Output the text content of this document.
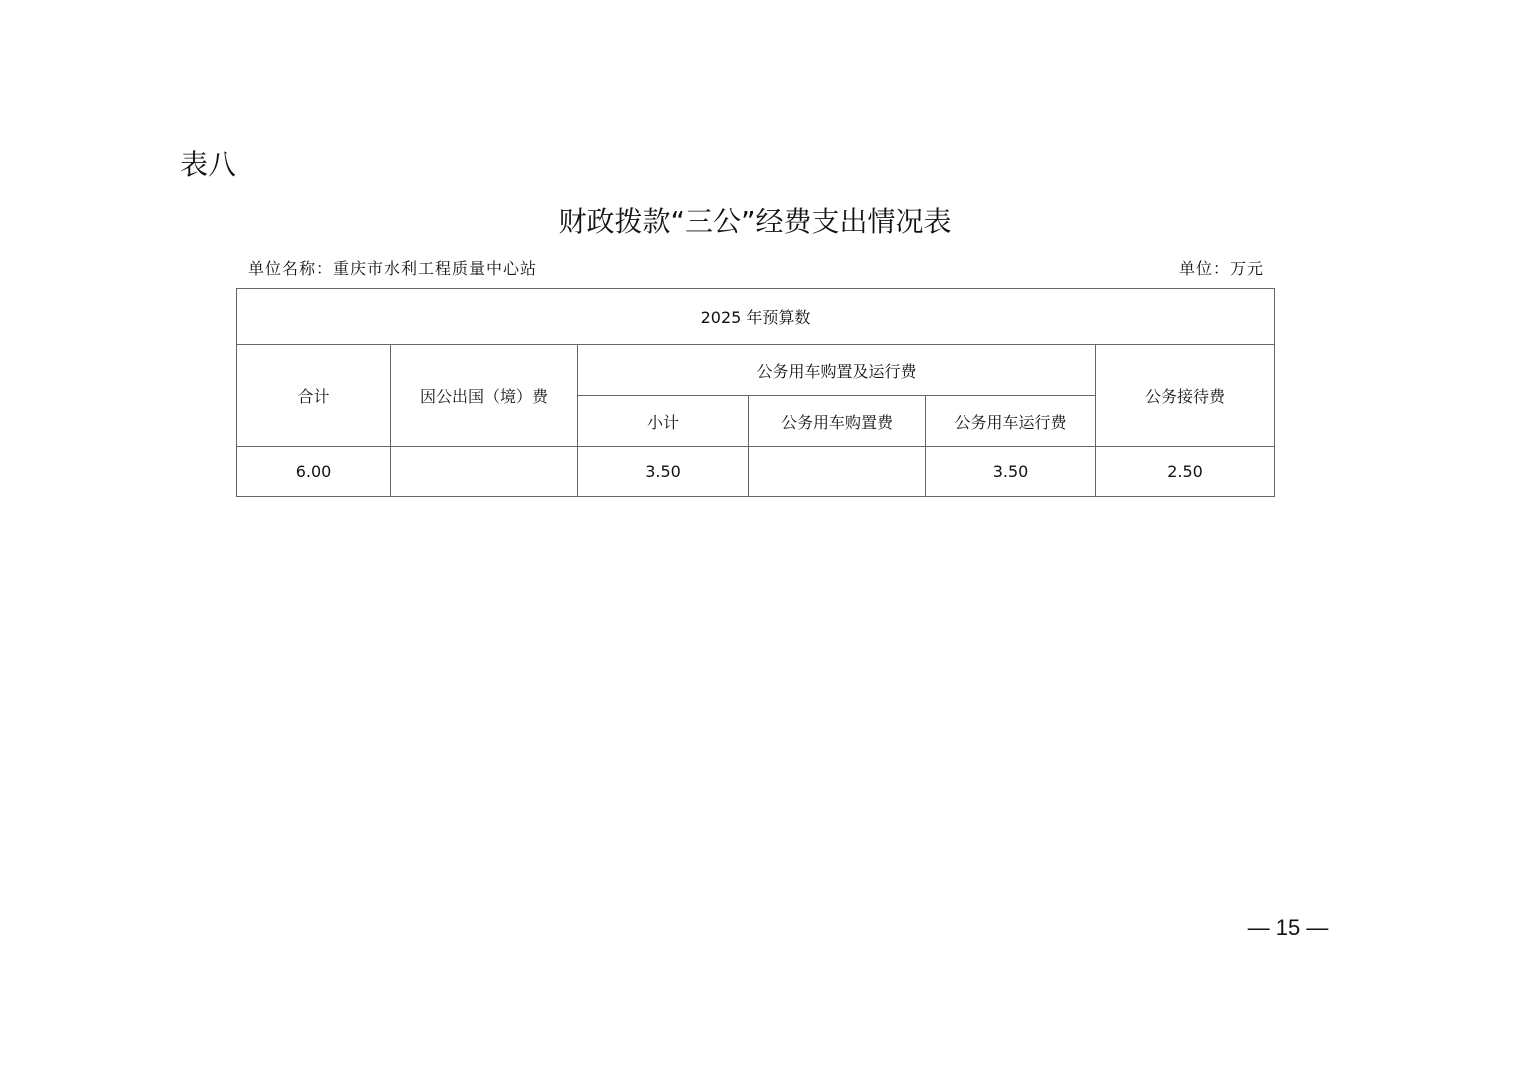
表八
财政拨款“三公”经费支出情况表
单位名称：重庆市水利工程质量中心站	单位：万元
2025 年预算数					
合计	因公出国（境）费	公务用车购置及运行费			公务接待费
		小计	公务用车购置费	公务用车运行费	
6.00		3.50		3.50	2.50
— 15 —
